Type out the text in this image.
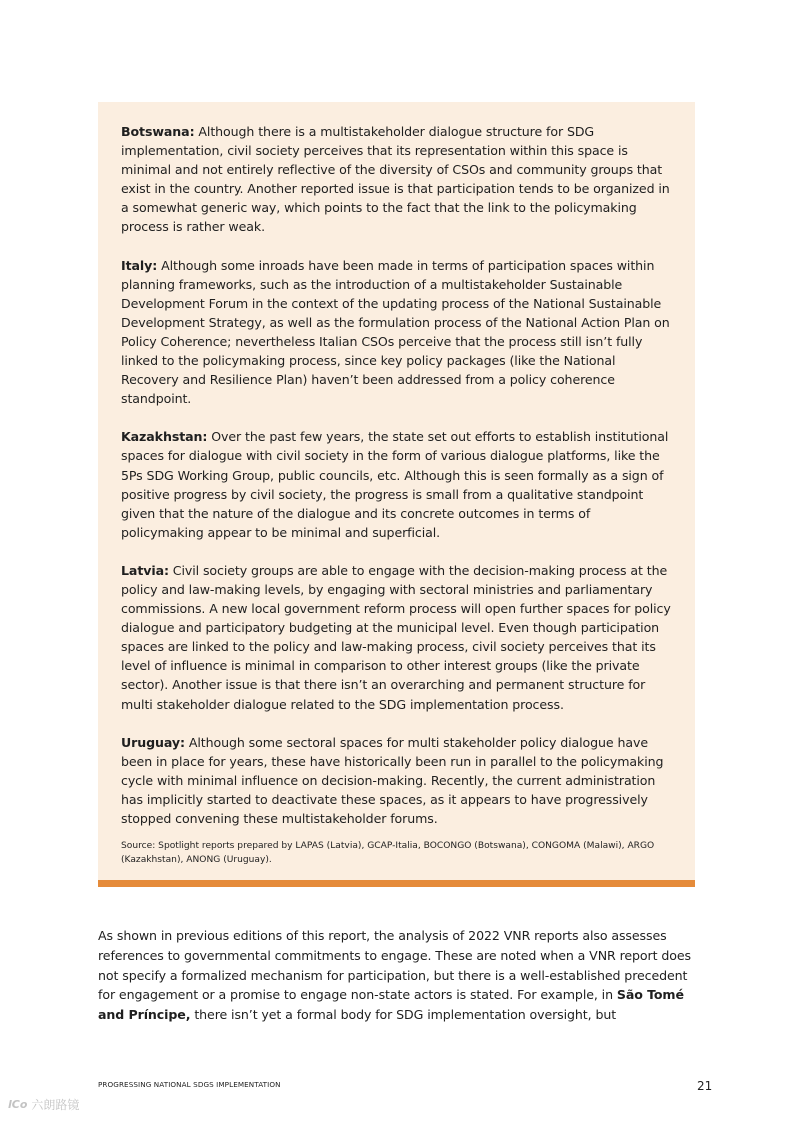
Botswana: Although there is a multistakeholder dialogue structure for SDG implementation, civil society perceives that its representation within this space is minimal and not entirely reflective of the diversity of CSOs and community groups that exist in the country. Another reported issue is that participation tends to be organized in a somewhat generic way, which points to the fact that the link to the policymaking process is rather weak.

Italy: Although some inroads have been made in terms of participation spaces within planning frameworks, such as the introduction of a multistakeholder Sustainable Development Forum in the context of the updating process of the National Sustainable Development Strategy, as well as the formulation process of the National Action Plan on Policy Coherence; nevertheless Italian CSOs perceive that the process still isn’t fully linked to the policymaking process, since key policy packages (like the National Recovery and Resilience Plan) haven’t been addressed from a policy coherence standpoint.

Kazakhstan: Over the past few years, the state set out efforts to establish institutional spaces for dialogue with civil society in the form of various dialogue platforms, like the 5Ps SDG Working Group, public councils, etc. Although this is seen formally as a sign of positive progress by civil society, the progress is small from a qualitative standpoint given that the nature of the dialogue and its concrete outcomes in terms of policymaking appear to be minimal and superficial.

Latvia: Civil society groups are able to engage with the decision-making process at the policy and law-making levels, by engaging with sectoral ministries and parliamentary commissions. A new local government reform process will open further spaces for policy dialogue and participatory budgeting at the municipal level. Even though participation spaces are linked to the policy and law-making process, civil society perceives that its level of influence is minimal in comparison to other interest groups (like the private sector). Another issue is that there isn’t an overarching and permanent structure for multi stakeholder dialogue related to the SDG implementation process.

Uruguay: Although some sectoral spaces for multi stakeholder policy dialogue have been in place for years, these have historically been run in parallel to the policymaking cycle with minimal influence on decision-making. Recently, the current administration has implicitly started to deactivate these spaces, as it appears to have progressively stopped convening these multistakeholder forums.

Source: Spotlight reports prepared by LAPAS (Latvia), GCAP-Italia, BOCONGO (Botswana), CONGOMA (Malawi), ARGO (Kazakhstan), ANONG (Uruguay).

As shown in previous editions of this report, the analysis of 2022 VNR reports also assesses references to governmental commitments to engage. These are noted when a VNR report does not specify a formalized mechanism for participation, but there is a well-established precedent for engagement or a promise to engage non-state actors is stated. For example, in São Tomé and Príncipe, there isn’t yet a formal body for SDG implementation oversight, but

PROGRESSING NATIONAL SDGS IMPLEMENTATION	21
lCo 六朗路镜
